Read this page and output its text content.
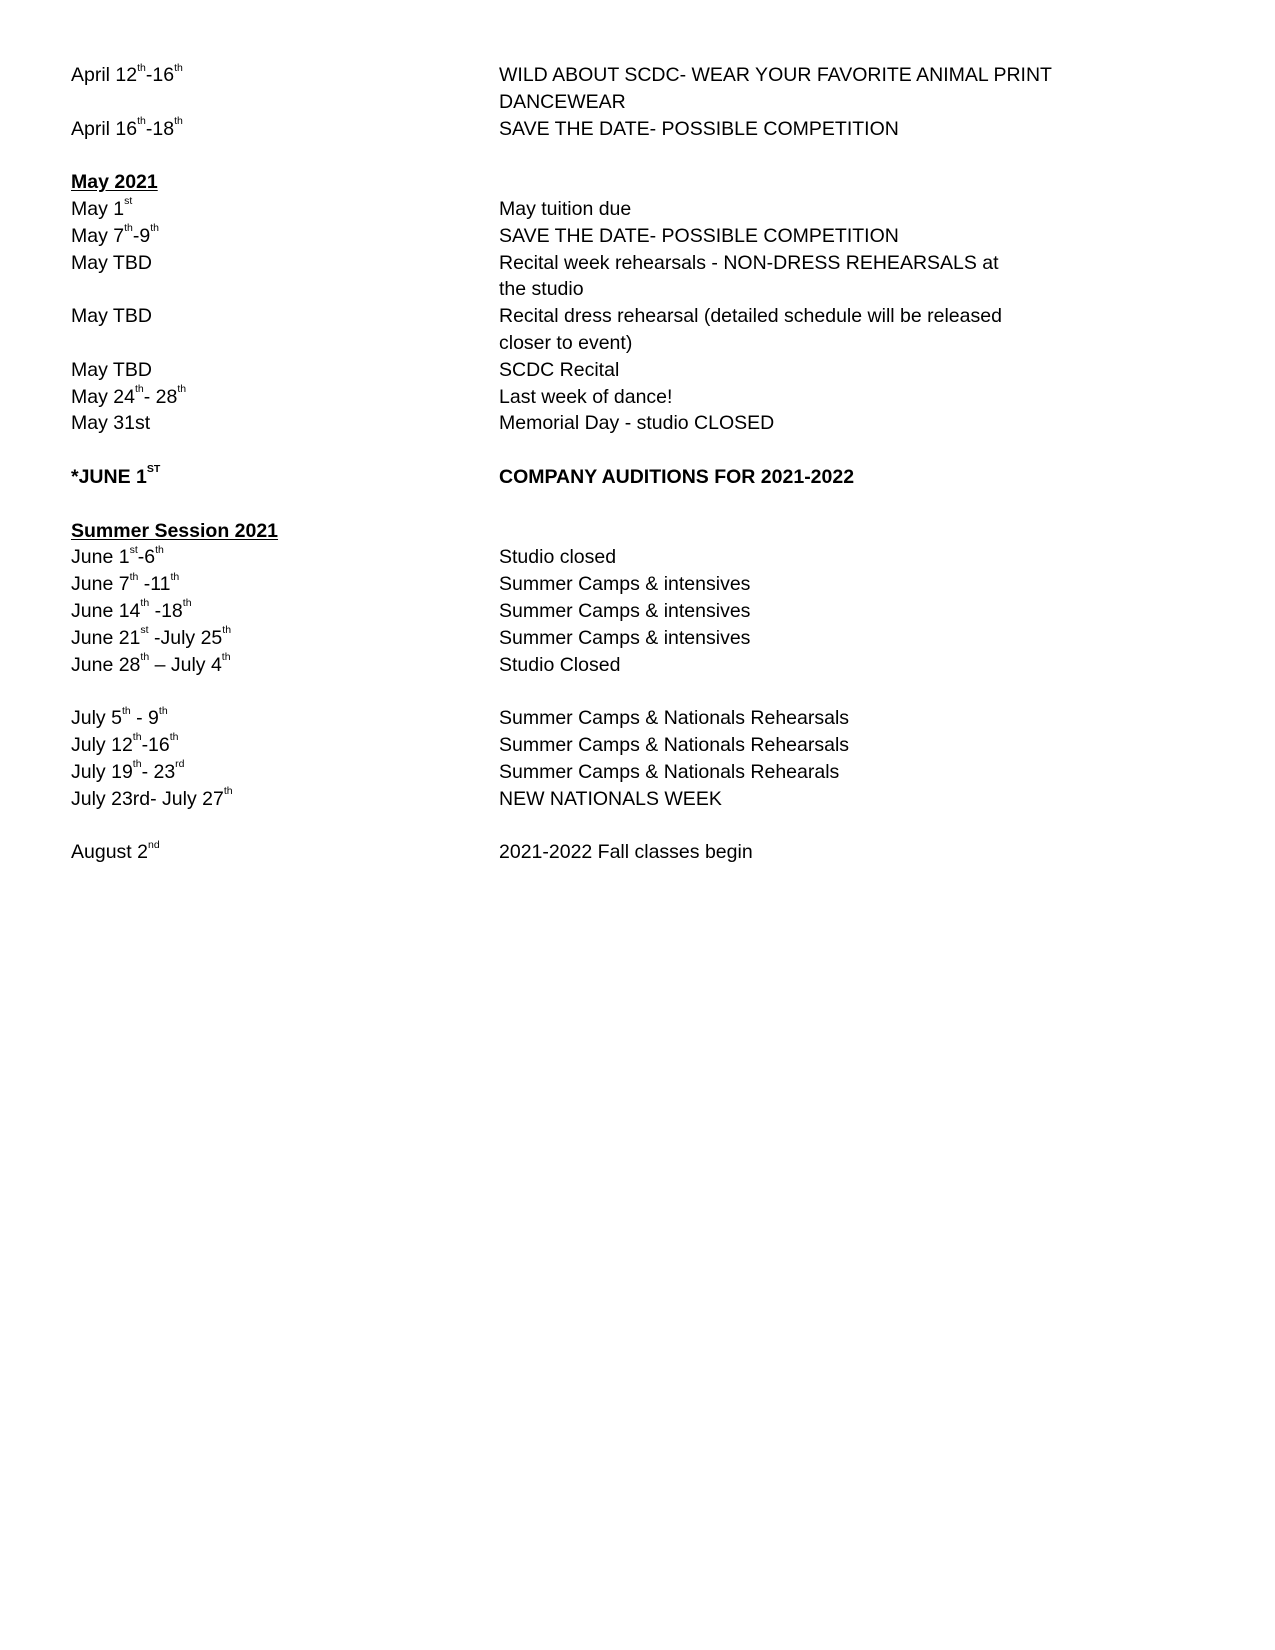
April 12th-16th	WILD ABOUT SCDC- WEAR YOUR FAVORITE ANIMAL PRINT
DANCEWEAR
April 16th-18th	SAVE THE DATE- POSSIBLE COMPETITION
May 2021
May 1st	May tuition due
May 7th-9th	SAVE THE DATE- POSSIBLE COMPETITION
May TBD	Recital week rehearsals - NON-DRESS REHEARSALS at
the studio
May TBD	Recital dress rehearsal (detailed schedule will be released
closer to event)
May TBD	SCDC Recital
May 24th- 28th	Last week of dance!
May 31st	Memorial Day - studio CLOSED
*JUNE 1ST	COMPANY AUDITIONS FOR 2021-2022
Summer Session 2021
June 1st-6th	Studio closed
June 7th -11th	Summer Camps & intensives
June 14th -18th	Summer Camps & intensives
June 21st -July 25th	Summer Camps & intensives
June 28th – July 4th	Studio Closed
July 5th - 9th	Summer Camps & Nationals Rehearsals
July 12th-16th	Summer Camps & Nationals Rehearsals
July 19th- 23rd	Summer Camps & Nationals Rehearals
July 23rd- July 27th	NEW NATIONALS WEEK
August 2nd	2021-2022 Fall classes begin
